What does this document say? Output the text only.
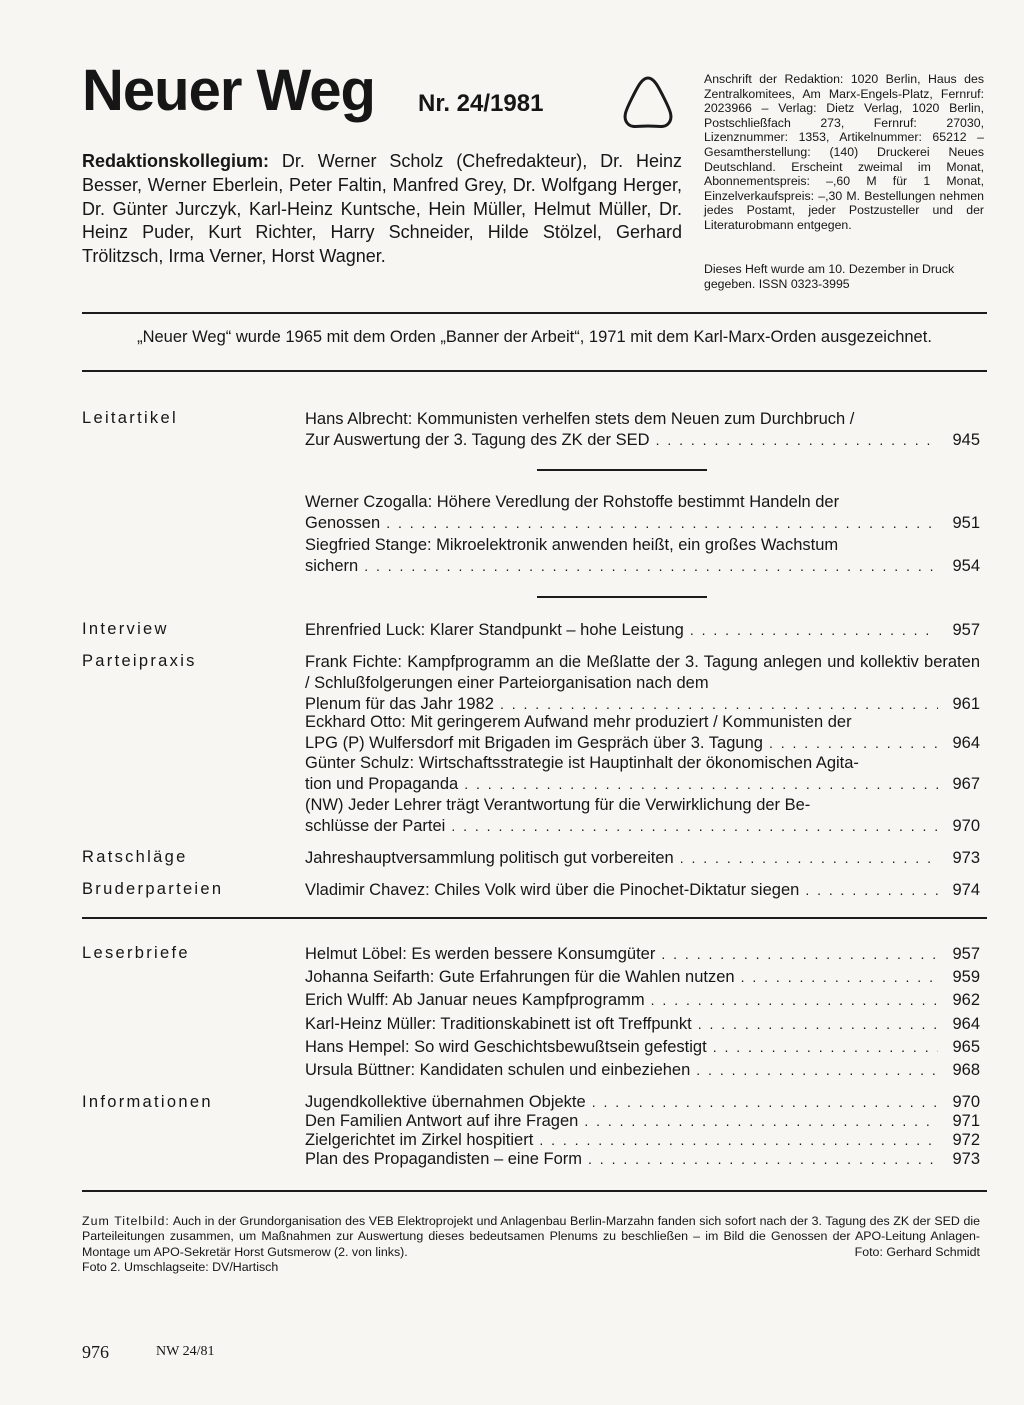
Neuer Weg Nr. 24/1981
Anschrift der Redaktion: 1020 Berlin, Haus des Zentralkomitees, Am Marx-Engels-Platz, Fernruf: 2023966 – Verlag: Dietz Verlag, 1020 Berlin, Postschließfach 273, Fernruf: 27030, Lizenznummer: 1353, Artikelnummer: 65212 – Gesamtherstellung: (140) Druckerei Neues Deutschland. Erscheint zweimal im Monat, Abonnementspreis: –,60 M für 1 Monat, Einzelverkaufspreis: –,30 M. Bestellungen nehmen jedes Postamt, jeder Postzusteller und der Literaturobmann entgegen.
Dieses Heft wurde am 10. Dezember in Druck gegeben. ISSN 0323-3995
Redaktionskollegium: Dr. Werner Scholz (Chefredakteur), Dr. Heinz Besser, Werner Eberlein, Peter Faltin, Manfred Grey, Dr. Wolfgang Herger, Dr. Günter Jurczyk, Karl-Heinz Kuntsche, Hein Müller, Helmut Müller, Dr. Heinz Puder, Kurt Richter, Harry Schneider, Hilde Stölzel, Gerhard Trölitzsch, Irma Verner, Horst Wagner.
„Neuer Weg“ wurde 1965 mit dem Orden „Banner der Arbeit“, 1971 mit dem Karl-Marx-Orden ausgezeichnet.
Leitartikel	Hans Albrecht: Kommunisten verhelfen stets dem Neuen zum Durchbruch /
Zur Auswertung der 3. Tagung des ZK der SED . . .	945
Werner Czogalla: Höhere Veredlung der Rohstoffe bestimmt Handeln der
Genossen . . .	951
Siegfried Stange: Mikroelektronik anwenden heißt, ein großes Wachstum
sichern . . .	954
Interview	Ehrenfried Luck: Klarer Standpunkt – hohe Leistung . . .	957
Parteipraxis	Frank Fichte: Kampfprogramm an die Meßlatte der 3. Tagung anlegen und kollektiv beraten / Schlußfolgerungen einer Parteiorganisation nach dem
Plenum für das Jahr 1982 . . .	961
Eckhard Otto: Mit geringerem Aufwand mehr produziert / Kommunisten der
LPG (P) Wulfersdorf mit Brigaden im Gespräch über 3. Tagung . . .	964
Günter Schulz: Wirtschaftsstrategie ist Hauptinhalt der ökonomischen Agita-
tion und Propaganda . . .	967
(NW) Jeder Lehrer trägt Verantwortung für die Verwirklichung der Be-
schlüsse der Partei . . .	970
Ratschläge	Jahreshauptversammlung politisch gut vorbereiten . . .	973
Bruderparteien	Vladimir Chavez: Chiles Volk wird über die Pinochet-Diktatur siegen . . .	974
Leserbriefe	Helmut Löbel: Es werden bessere Konsumgüter . . .	957
Johanna Seifarth: Gute Erfahrungen für die Wahlen nutzen . . .	959
Erich Wulff: Ab Januar neues Kampfprogramm . . .	962
Karl-Heinz Müller: Traditionskabinett ist oft Treffpunkt . . .	964
Hans Hempel: So wird Geschichtsbewußtsein gefestigt . . .	965
Ursula Büttner: Kandidaten schulen und einbeziehen . . .	968
Informationen	Jugendkollektive übernahmen Objekte . . .	970
Den Familien Antwort auf ihre Fragen . . .	971
Zielgerichtet im Zirkel hospitiert . . .	972
Plan des Propagandisten – eine Form . . .	973
Zum Titelbild: Auch in der Grundorganisation des VEB Elektroprojekt und Anlagenbau Berlin-Marzahn fanden sich sofort nach der 3. Tagung des ZK der SED die Parteileitungen zusammen, um Maßnahmen zur Auswertung dieses bedeutsamen Plenums zu beschließen – im Bild die Genossen der APO-Leitung Anlagen-Montage um APO-Sekretär Horst Gutsmerow (2. von links).	Foto: Gerhard Schmidt
Foto 2. Umschlagseite: DV/Hartisch
976	NW 24/81
